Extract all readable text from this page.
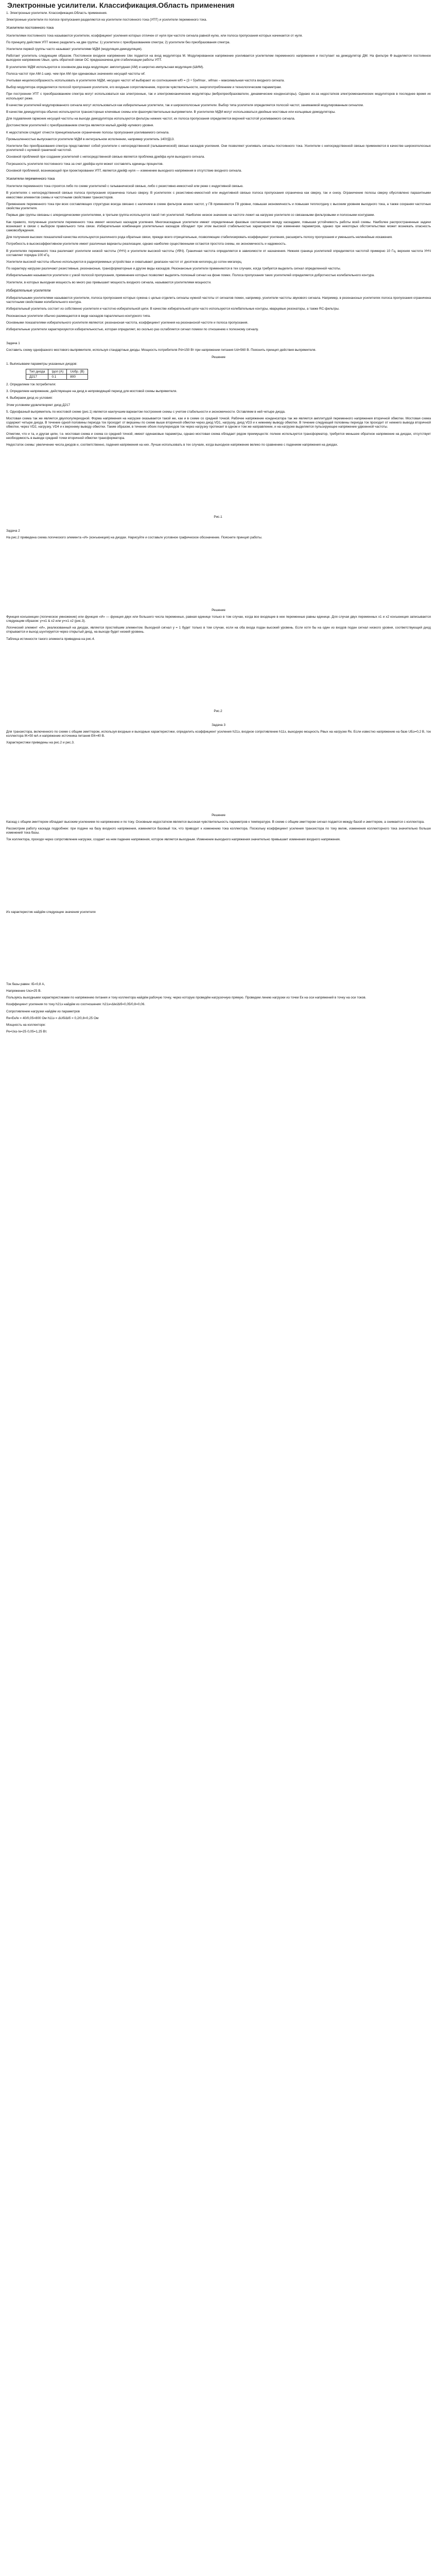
Электронные усилители. Классификация.Область применения
1. Электронные усилители. Классификация.Область применения.
Электронные усилители по полосе пропускания разделяются на усилители постоянного тока (УПТ) и усилители переменного тока.
Усилители постоянного тока
Усилителями постоянного тока называются усилители, коэффициент усиления которых отличен от нуля при частоте сигнала равной нулю, или полоса пропускания которых начинается от нуля.
По принципу действия УПТ можно разделить на две группы: 1) усилители с преобразованием спектра; 2) усилители без преобразования спектра.
Усилители первой группы часто называют усилителями МДМ (модуляция-демодуляция).
Работает усилитель следующим образом. Постоянное входное напряжение Uвх подается на вход модулятора М. Модулированное напряжение усиливается усилителем переменного напряжения и поступает на демодулятор ДМ. На фильтре Ф выделяется постоянное выходное напряжение Uвых, цепь обратной связи ОС предназначена для стабилизации работы УПТ.
В усилителях МДМ используются в основном два вида модуляции: амплитудная (АМ) и широтно-импульсная модуляция (ШИМ).
Полоса частот при АМ-1-шир. чем при АМ при одинаковых значениях несущей частоты wf.
Учитывая нецелесообразность использовать в усилителях МДМ, несущих частот wf выбирают из соотношения wf0 = (3 ÷ 5)wfmax , wfmax – максимальная частота входного сигнала.
Выбор модулятора определяется полосой пропускания усилителя, его входным сопротивлением, порогом чувствительности, энергопотреблением и технологическим параметрам.
При построении УПТ с преобразованием спектра могут использоваться как электронные, так и электромеханические модуляторы (вибропреобразователи, динамические конденсаторы). Однако из-за недостатков электромеханических модуляторов в последнее время их используют реже.
В качестве усилителей модулированного сигнала могут использоваться как избирательные усилители, так и широкополосные усилители. Выбор типа усилителя определяется полосой частот, занимаемой модулированным сигналом.
В качестве демодулятора обычно используются транзисторные ключевые схемы или фазочувствительные выпрямители. В усилителях МДМ могут использоваться двойные мостовые или кольцевые демодуляторы.
Для подавления гармоник несущей частоты на выходе демодулятора используются фильтры нижних частот, их полоса пропускания определяется верхней частотой усиливаемого сигнала.
Достоинством усилителей с преобразованием спектра является малый дрейф нулевого уровня.
К недостатком следует отнести принципиальное ограничение полосы пропускания усиливаемого сигнала.
Промышленностью выпускаются усилители МДМ в интегральном исполнении, например усилитель 140УД13.
Усилители без преобразования спектра представляют собой усилители с непосредственной (гальванической) связью каскадов усиления. Они позволяют усиливать сигналы постоянного тока. Усилители с непосредственной связью применяются в качестве широкополосных усилителей с нулевой граничной частотой.
Основной проблемой при создании усилителей с непосредственной связью является проблема дрейфа нуля выходного сигнала.
Погрешность усилителя постоянного тока за счет дрейфа нуля может составлять единицы процентов.
Основной проблемой, возникающей при проектировании УПТ, является дрейф нуля — изменение выходного напряжения в отсутствие входного сигнала.
Усилители переменного тока
Усилители переменного тока строятся либо по схеме усилителей с гальванической связью, либо с резистивно-емкостной или реже с индуктивной связью.
В усилителях с непосредственной связью полоса пропускания ограничена только сверху. В усилителях с резистивно-емкостной или индуктивной связью полоса пропускания ограничена как сверху, так и снизу. Ограничение полосы сверху обусловлено паразитными емкостями элементов схемы и частотными свойствами транзисторов.
Применение переменного тока при всех составляющих структурах всегда связано с наличием в схеме фильтров низких частот, у ГВ применяются ГВ уровни, повышая экономичность и повышая теплоотдачу с высоким уровнем выходного тока, а также сохраняя частотные свойства усилителя.
Первые две группы связаны с апериодическими усилителями, в третьем группа используется такой тип усилителей. Наиболее низкое значение на частоте лежит на нагрузке усилителя со связанными фильтровыми и полосными контурами.
Как правило, полученные усилители переменного тока имеют несколько каскадов усиления. Многокаскадные усилители имеют определенные фазовые соотношения между каскадами, повышая устойчивость работы всей схемы. Наиболее распространенные задачи возникают в связи с выбором правильного типа связи. Избирательная комбинация усилительных каскадов обладает при этом высокой стабильностью характеристик при изменении параметров, однако при некоторых обстоятельствах может возникать опасность самовозбуждения.
Для получения высоких показателей качества используются различного рода обратные связи, прежде всего отрицательные, позволяющие стабилизировать коэффициент усиления, расширить полосу пропускания и уменьшить нелинейные искажения.
Потребность в высокоэффективном усилителе имеет различные варианты реализации, однако наиболее существенными остаются простота схемы, ее экономичность и надежность.
В усилителях переменного тока различают усилители низкой частоты (УНЧ) и усилители высокой частоты (УВЧ). Граничная частота определяется в зависимости от назначения. Нижняя граница усилителей определяется частотой примерно 10 Гц, верхняя частота УНЧ составляет порядка 100 кГц.
Усилители высокой частоты обычно используются в радиоприемных устройствах и охватывают диапазон частот от десятков килогерц до сотен мегагерц.
По характеру нагрузки различают резистивные, резонансные, трансформаторные и другие виды каскадов. Резонансные усилители применяются в тех случаях, когда требуется выделить сигнал определенной частоты.
Избирательными называются усилители с узкой полосой пропускания, применение которых позволяет выделять полезный сигнал на фоне помех. Полоса пропускания таких усилителей определяется добротностью колебательного контура.
Усилители, в которых выходная мощность во много раз превышает мощность входного сигнала, называются усилителями мощности.
Избирательные усилители
Избирательными усилителями называются усилители, полоса пропускания которых сужена с целью отделить сигналы нужной частоты от сигналов помех, например, усилители частоты звукового сигнала. Например, в резонансных усилителях полоса пропускания ограничена частотными свойствами колебательного контура.
Избирательный усилитель состоит из собственно усилителя и частотно-избирательной цепи. В качестве избирательной цепи часто используются колебательные контуры, кварцевые резонаторы, а также RC-фильтры.
Резонансные усилители обычно размещаются в виде каскадов параллельно-контурного типа.
Основными показателями избирательного усилителя являются: резонансная частота, коэффициент усиления на резонансной частоте и полоса пропускания.
Избирательные усилители характеризуются избирательностью, которая определяет, во сколько раз ослабляется сигнал помехи по отношению к полезному сигналу.
Задача 1
Составить схему однофазного мостового выпрямителя, используя стандартные диоды. Мощность потребителя Pd=150 Вт при напряжении питания Ud=560 В. Пояснить принцип действия выпрямителя.
Решение
1. Выписываем параметры указанных диодов:
Тип диода	Iдоп (А)	Uобр. (В)
Д217	0.1	800
2. Определяем ток потребителя:
3. Определяем напряжение, действующее на диод в непроводящий период для мостовой схемы выпрямителя.
4. Выбираем диод из условия:
Этим условиям удовлетворяет диод Д217
5. Однофазный выпрямитель по мостовой схеме (рис.1) является наилучшим вариантом построения схемы с учетом стабильности и экономичности. Оставляем в ней четыре диода.
Мостовая схема так же является двухполупериодной. Форма напряжения на нагрузке оказывается такой же, как и в схеме со средней точкой. Рабочее напряжение конденсатора так же является амплитудой переменного напряжения вторичной обмотки. Мостовая схема содержит четыре диода. В течение одной половины периода ток проходит от вершины по схеме выше вторичной обмотки через диод VD1, нагрузку, диод VD3 и к нижнему выводу обмотки. В течение следующей половины периода ток проходит от нижнего вывода вторичной обмотки, через VD2, нагрузку, VD4 и к верхнему выводу обмотки. Таким образом, в течение обоих полупериодов ток через нагрузку протекает в одном и том же направлении, и на нагрузке выделяется пульсирующее напряжение удвоенной частоты.
Отметим, что и та, и другая цепи, т.е. мостовая схема и схема со средней точкой, имеют одинаковые параметры, однако мостовая схема обладает рядом преимуществ: полнее используется трансформатор, требуется меньшее обратное напряжение на диодах, отсутствует необходимость в выводе средней точки вторичной обмотки трансформатора.
Недостаток схемы: увеличение числа диодов и, соответственно, падения напряжения на них. Лучше использовать в тех случаях, когда выходное напряжение велико по сравнению с падением напряжения на диодах.
Рис.1
Задача 2
На рис.2 приведена схема логического элемента «И» (конъюнкция) на диодах. Нарисуйте и составьте условное графическое обозначение. Поясните принцип работы.
Решение
Функция конъюнкции (логическое умножение) или функция «И» — функция двух или большего числа переменных, равная единице только в том случае, когда все входящие в нее переменные равны единице. Для случая двух переменных x1 и x2 конъюнкция записывается следующим образом: y=x1 & x2 или y=x1·x2 (рис.3).
Логический элемент «И», реализованный на диодах, является простейшим элементом. Выходной сигнал y = 1 будет только в том случае, если на оба входа подан высокий уровень. Если хотя бы на один из входов подан сигнал низкого уровня, соответствующий диод открывается и выход шунтируется через открытый диод, на выходе будет низкий уровень.
Таблица истинности такого элемента приведена на рис.4.
Рис.2
Задача 3
Для транзистора, включенного по схеме с общим эмиттером, используя входные и выходные характеристики, определить коэффициент усиления h21э, входное сопротивление h11э, выходную мощность Pвых на нагрузке Rк. Если известно напряжение на базе UБэ=0,2 В, ток коллектора IK=50 мА и напряжение источника питания ЕК=40 В.
Характеристики приведены на рис.2 и рис.3.
Решение
Каскад с общим эмиттером обладает высоким усилением по напряжению и по току. Основным недостатком является высокая чувствительность параметров к температуре. В схеме с общим эмиттером сигнал подается между базой и эмиттером, а снимается с коллектора.
Рассмотрим работу каскада подробнее: при подаче на базу входного напряжения, изменяется базовый ток, что приводит к изменению тока коллектора. Поскольку коэффициент усиления транзистора по току велик, изменения коллекторного тока значительно больше изменений тока базы.
Ток коллектора, проходя через сопротивление нагрузки, создает на нем падение напряжения, которое является выходным. Изменение выходного напряжения значительно превышает изменения входного напряжения.
Из характеристик найдём следующие значения усилителя
Ток базы равен: IБ=0,8 А,
Напряжение Uкэ=25 В.
Пользуясь выходными характеристиками по напряжению питания и току коллектора найдём рабочую точку, через которую проведём нагрузочную прямую. Проведем линию нагрузки из точки Eк на оси напряжений в точку на оси токов.
Коэффициент усиления по току h21э найдём из соотношения: h21э=ΔIк/ΔIб=0,05/0,8=0,06.
Сопротивление нагрузки найдём из параметров
Rк=Eк/Iк = 40/0,05=800 Ом h11э = ΔUб/ΔIб = 0,2/0,8=0,25 Ом
Мощность на коллекторе:
Pк=Uкэ·Iк=25·0,05=1,25 Вт.
